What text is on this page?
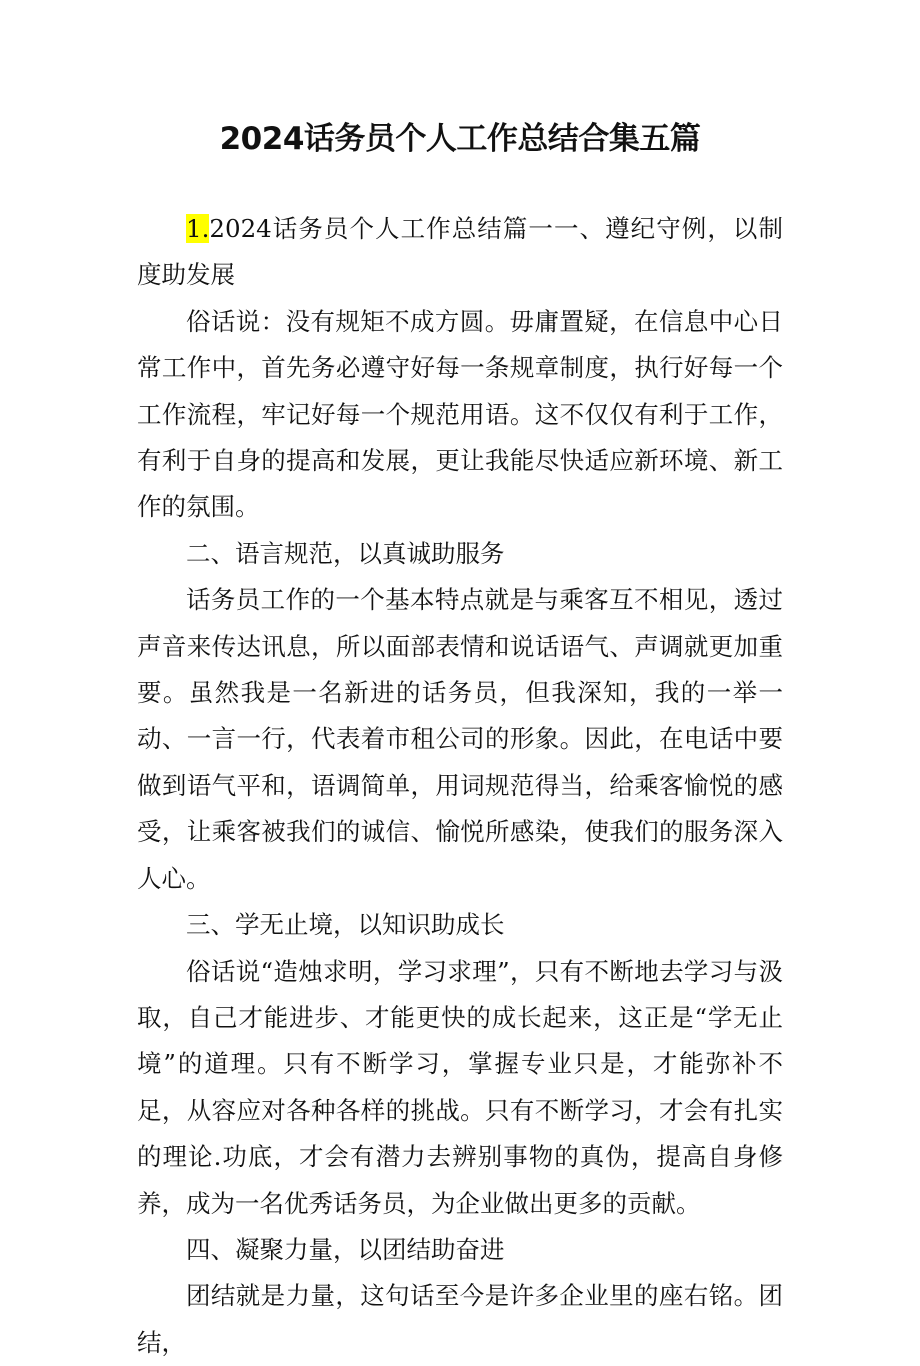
2024话务员个人工作总结合集五篇

1.2024话务员个人工作总结篇一一、遵纪守例，以制度助发展

俗话说：没有规矩不成方圆。毋庸置疑，在信息中心日常工作中，首先务必遵守好每一条规章制度，执行好每一个工作流程，牢记好每一个规范用语。这不仅仅有利于工作，有利于自身的提高和发展，更让我能尽快适应新环境、新工作的氛围。

二、语言规范，以真诚助服务

话务员工作的一个基本特点就是与乘客互不相见，透过声音来传达讯息，所以面部表情和说话语气、声调就更加重要。虽然我是一名新进的话务员，但我深知，我的一举一动、一言一行，代表着市租公司的形象。因此，在电话中要做到语气平和，语调简单，用词规范得当，给乘客愉悦的感受，让乘客被我们的诚信、愉悦所感染，使我们的服务深入人心。

三、学无止境，以知识助成长

俗话说“造烛求明，学习求理”，只有不断地去学习与汲取，自己才能进步、才能更快的成长起来，这正是“学无止境”的道理。只有不断学习，掌握专业只是，才能弥补不足，从容应对各种各样的挑战。只有不断学习，才会有扎实的理论.功底，才会有潜力去辨别事物的真伪，提高自身修养，成为一名优秀话务员，为企业做出更多的贡献。

四、凝聚力量，以团结助奋进

团结就是力量，这句话至今是许多企业里的座右铭。团结，
